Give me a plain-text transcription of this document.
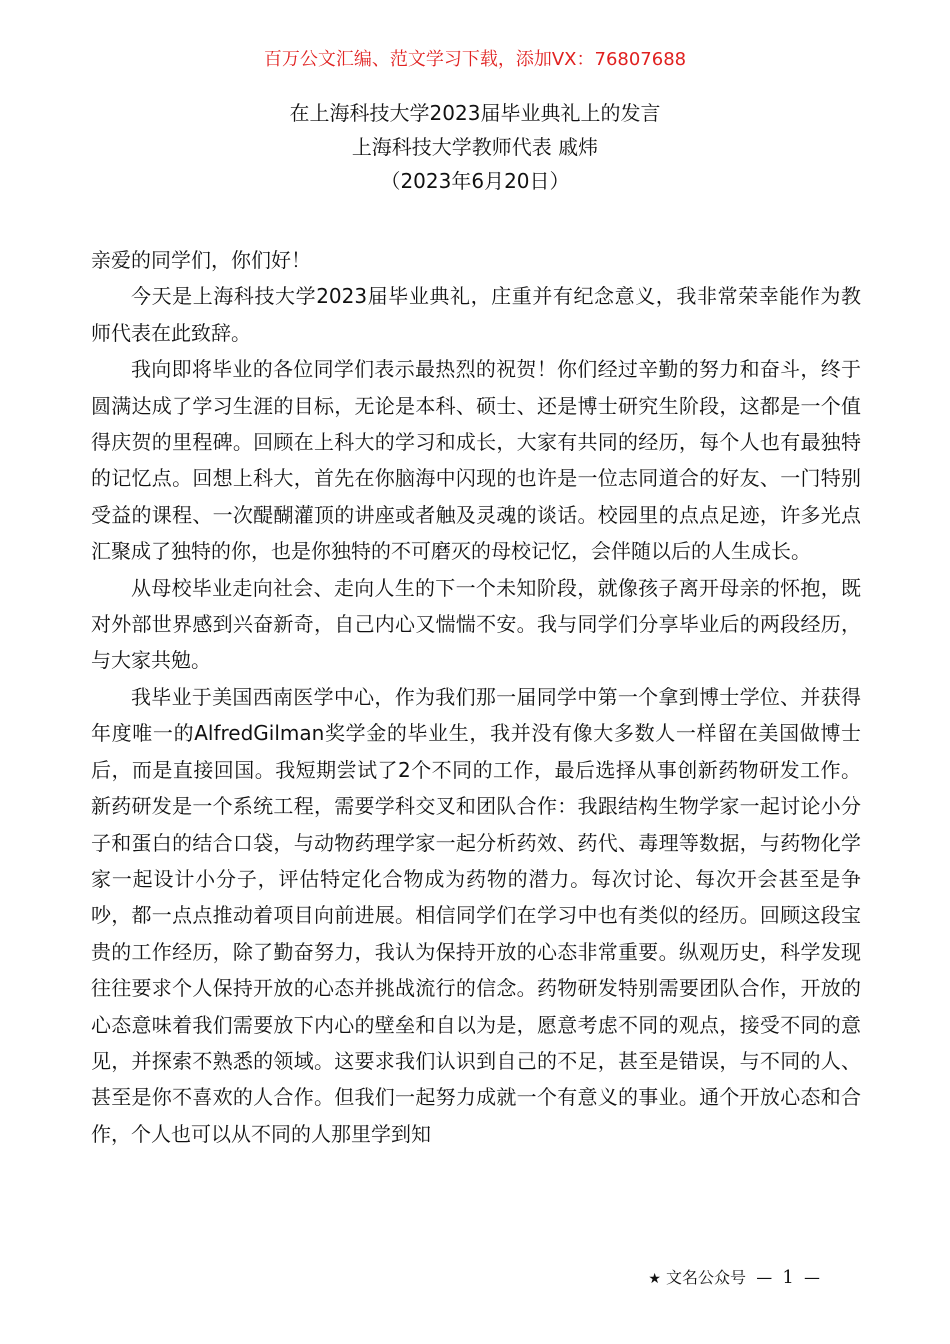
百万公文汇编、范文学习下载，添加VX：76807688
在上海科技大学2023届毕业典礼上的发言
上海科技大学教师代表 戚炜
（2023年6月20日）

亲爱的同学们，你们好！

今天是上海科技大学2023届毕业典礼，庄重并有纪念意义，我非常荣幸能作为教师代表在此致辞。

我向即将毕业的各位同学们表示最热烈的祝贺！你们经过辛勤的努力和奋斗，终于圆满达成了学习生涯的目标，无论是本科、硕士、还是博士研究生阶段，这都是一个值得庆贺的里程碑。回顾在上科大的学习和成长，大家有共同的经历，每个人也有最独特的记忆点。回想上科大，首先在你脑海中闪现的也许是一位志同道合的好友、一门特别受益的课程、一次醍醐灌顶的讲座或者触及灵魂的谈话。校园里的点点足迹，许多光点汇聚成了独特的你，也是你独特的不可磨灭的母校记忆，会伴随以后的人生成长。

从母校毕业走向社会、走向人生的下一个未知阶段，就像孩子离开母亲的怀抱，既对外部世界感到兴奋新奇，自己内心又惴惴不安。我与同学们分享毕业后的两段经历，与大家共勉。

我毕业于美国西南医学中心，作为我们那一届同学中第一个拿到博士学位、并获得年度唯一的AlfredGilman奖学金的毕业生，我并没有像大多数人一样留在美国做博士后，而是直接回国。我短期尝试了2个不同的工作，最后选择从事创新药物研发工作。新药研发是一个系统工程，需要学科交叉和团队合作：我跟结构生物学家一起讨论小分子和蛋白的结合口袋，与动物药理学家一起分析药效、药代、毒理等数据，与药物化学家一起设计小分子，评估特定化合物成为药物的潜力。每次讨论、每次开会甚至是争吵，都一点点推动着项目向前进展。相信同学们在学习中也有类似的经历。回顾这段宝贵的工作经历，除了勤奋努力，我认为保持开放的心态非常重要。纵观历史，科学发现往往要求个人保持开放的心态并挑战流行的信念。药物研发特别需要团队合作，开放的心态意味着我们需要放下内心的壁垒和自以为是，愿意考虑不同的观点，接受不同的意见，并探索不熟悉的领域。这要求我们认识到自己的不足，甚至是错误，与不同的人、甚至是你不喜欢的人合作。但我们一起努力成就一个有意义的事业。通个开放心态和合作，个人也可以从不同的人那里学到知

★ 文名公众号 — 1 —
